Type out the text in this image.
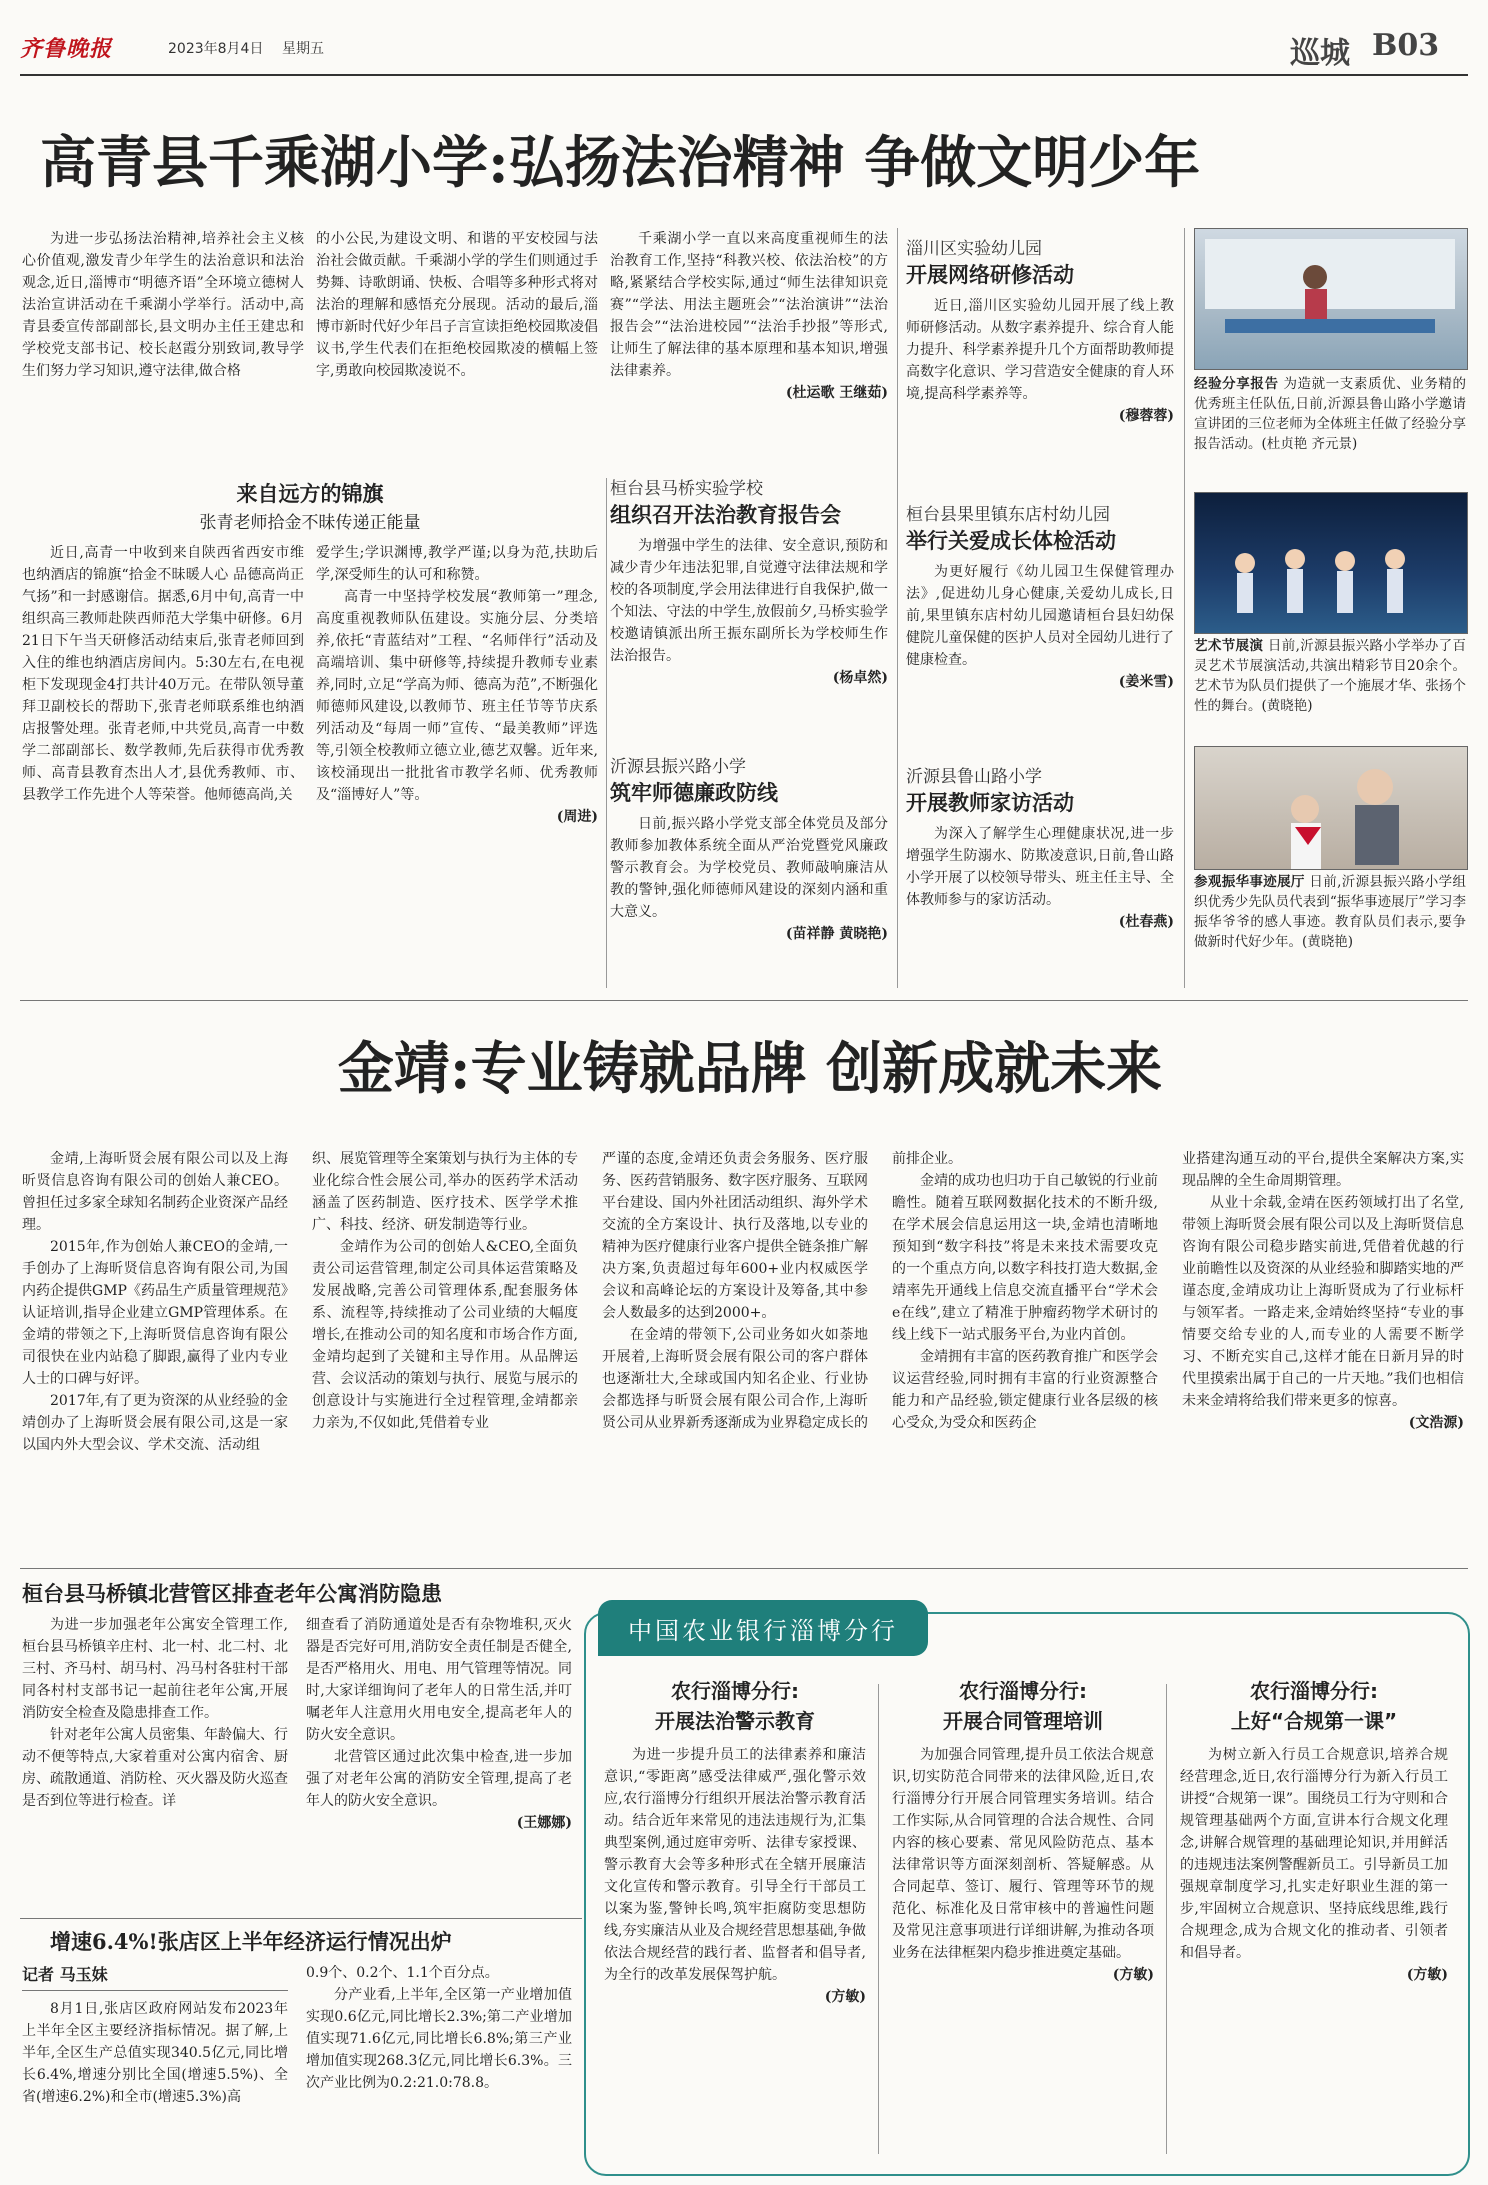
齐鲁晚报	2023年8月4日 星期五	巡城 B03
高青县千乘湖小学:弘扬法治精神 争做文明少年

为进一步弘扬法治精神,培养社会主义核心价值观,激发青少年学生的法治意识和法治观念,近日,淄博市“明德齐语”全环境立德树人法治宣讲活动在千乘湖小学举行。活动中,高青县委宣传部副部长,县文明办主任王建忠和学校党支部书记、校长赵霞分别致词,教导学生们努力学习知识,遵守法律,做合格

的小公民,为建设文明、和谐的平安校园与法治社会做贡献。千乘湖小学的学生们则通过手势舞、诗歌朗诵、快板、合唱等多种形式将对法治的理解和感悟充分展现。活动的最后,淄博市新时代好少年吕子言宣读拒绝校园欺凌倡议书,学生代表们在拒绝校园欺凌的横幅上签字,勇敢向校园欺凌说不。

千乘湖小学一直以来高度重视师生的法治教育工作,坚持“科教兴校、依法治校”的方略,紧紧结合学校实际,通过“师生法律知识竞赛”“学法、用法主题班会”“法治演讲”“法治报告会”“法治进校园”“法治手抄报”等形式,让师生了解法律的基本原理和基本知识,增强法律素养。

(杜运歌 王继茹)
来自远方的锦旗
张青老师拾金不昧传递正能量

近日,高青一中收到来自陕西省西安市维也纳酒店的锦旗“拾金不昧暖人心 品德高尚正气扬”和一封感谢信。据悉,6月中旬,高青一中组织高三教师赴陕西师范大学集中研修。6月21日下午当天研修活动结束后,张青老师回到入住的维也纳酒店房间内。5:30左右,在电视柜下发现现金4打共计40万元。在带队领导董拜卫副校长的帮助下,张青老师联系维也纳酒店报警处理。张青老师,中共党员,高青一中数学二部副部长、数学教师,先后获得市优秀教师、高青县教育杰出人才,县优秀教师、市、县教学工作先进个人等荣誉。他师德高尚,关

爱学生;学识渊博,教学严谨;以身为范,扶助后学,深受师生的认可和称赞。

高青一中坚持学校发展“教师第一”理念,高度重视教师队伍建设。实施分层、分类培养,依托“青蓝结对”工程、“名师伴行”活动及高端培训、集中研修等,持续提升教师专业素养,同时,立足“学高为师、德高为范”,不断强化师德师风建设,以教师节、班主任节等节庆系列活动及“每周一师”宣传、“最美教师”评选等,引领全校教师立德立业,德艺双馨。近年来,该校涌现出一批批省市教学名师、优秀教师及“淄博好人”等。

(周进)
桓台县马桥实验学校
组织召开法治教育报告会

为增强中学生的法律、安全意识,预防和减少青少年违法犯罪,自觉遵守法律法规和学校的各项制度,学会用法律进行自我保护,做一个知法、守法的中学生,放假前夕,马桥实验学校邀请镇派出所王振东副所长为学校师生作法治报告。

(杨卓然)
沂源县振兴路小学
筑牢师德廉政防线

日前,振兴路小学党支部全体党员及部分教师参加教体系统全面从严治党暨党风廉政警示教育会。为学校党员、教师敲响廉洁从教的警钟,强化师德师风建设的深刻内涵和重大意义。

(苗祥静 黄晓艳)
淄川区实验幼儿园
开展网络研修活动

近日,淄川区实验幼儿园开展了线上教师研修活动。从数字素养提升、综合育人能力提升、科学素养提升几个方面帮助教师提高数字化意识、学习营造安全健康的育人环境,提高科学素养等。

(穆蓉蓉)
桓台县果里镇东店村幼儿园
举行关爱成长体检活动

为更好履行《幼儿园卫生保健管理办法》,促进幼儿身心健康,关爱幼儿成长,日前,果里镇东店村幼儿园邀请桓台县妇幼保健院儿童保健的医护人员对全园幼儿进行了健康检查。

(姜米雪)
沂源县鲁山路小学
开展教师家访活动

为深入了解学生心理健康状况,进一步增强学生防溺水、防欺凌意识,日前,鲁山路小学开展了以校领导带头、班主任主导、全体教师参与的家访活动。

(杜春燕)

经验分享报告 为造就一支素质优、业务精的优秀班主任队伍,日前,沂源县鲁山路小学邀请宣讲团的三位老师为全体班主任做了经验分享报告活动。(杜贞艳 齐元景)

艺术节展演 日前,沂源县振兴路小学举办了百灵艺术节展演活动,共演出精彩节目20余个。艺术节为队员们提供了一个施展才华、张扬个性的舞台。(黄晓艳)

参观振华事迹展厅 日前,沂源县振兴路小学组织优秀少先队员代表到“振华事迹展厅”学习李振华爷爷的感人事迹。教育队员们表示,要争做新时代好少年。(黄晓艳)

金靖:专业铸就品牌 创新成就未来

金靖,上海昕贤会展有限公司以及上海昕贤信息咨询有限公司的创始人兼CEO。曾担任过多家全球知名制药企业资深产品经理。

2015年,作为创始人兼CEO的金靖,一手创办了上海昕贤信息咨询有限公司,为国内药企提供GMP《药品生产质量管理规范》认证培训,指导企业建立GMP管理体系。在金靖的带领之下,上海昕贤信息咨询有限公司很快在业内站稳了脚跟,赢得了业内专业人士的口碑与好评。

2017年,有了更为资深的从业经验的金靖创办了上海昕贤会展有限公司,这是一家以国内外大型会议、学术交流、活动组

织、展览管理等全案策划与执行为主体的专业化综合性会展公司,举办的医药学术活动涵盖了医药制造、医疗技术、医学学术推广、科技、经济、研发制造等行业。

金靖作为公司的创始人&CEO,全面负责公司运营管理,制定公司具体运营策略及发展战略,完善公司管理体系,配套服务体系、流程等,持续推动了公司业绩的大幅度增长,在推动公司的知名度和市场合作方面,金靖均起到了关键和主导作用。从品牌运营、会议活动的策划与执行、展览与展示的创意设计与实施进行全过程管理,金靖都亲力亲为,不仅如此,凭借着专业

严谨的态度,金靖还负责会务服务、医疗服务、医药营销服务、数字医疗服务、互联网平台建设、国内外社团活动组织、海外学术交流的全方案设计、执行及落地,以专业的精神为医疗健康行业客户提供全链条推广解决方案,负责超过每年600+业内权威医学会议和高峰论坛的方案设计及筹备,其中参会人数最多的达到2000+。

在金靖的带领下,公司业务如火如荼地开展着,上海昕贤会展有限公司的客户群体也逐渐壮大,全球或国内知名企业、行业协会都选择与昕贤会展有限公司合作,上海昕贤公司从业界新秀逐渐成为业界稳定成长的

前排企业。

金靖的成功也归功于自己敏锐的行业前瞻性。随着互联网数据化技术的不断升级,在学术展会信息运用这一块,金靖也清晰地预知到“数字科技”将是未来技术需要攻克的一个重点方向,以数字科技打造大数据,金靖率先开通线上信息交流直播平台“学术会e在线”,建立了精准于肿瘤药物学术研讨的线上线下一站式服务平台,为业内首创。

金靖拥有丰富的医药教育推广和医学会议运营经验,同时拥有丰富的行业资源整合能力和产品经验,锁定健康行业各层级的核心受众,为受众和医药企

业搭建沟通互动的平台,提供全案解决方案,实现品牌的全生命周期管理。

从业十余载,金靖在医药领域打出了名堂,带领上海昕贤会展有限公司以及上海昕贤信息咨询有限公司稳步踏实前进,凭借着优越的行业前瞻性以及资深的从业经验和脚踏实地的严谨态度,金靖成功让上海昕贤成为了行业标杆与领军者。一路走来,金靖始终坚持“专业的事情要交给专业的人,而专业的人需要不断学习、不断充实自己,这样才能在日新月异的时代里摸索出属于自己的一片天地。”我们也相信未来金靖将给我们带来更多的惊喜。

(文浩源)
桓台县马桥镇北营管区排查老年公寓消防隐患

为进一步加强老年公寓安全管理工作,桓台县马桥镇辛庄村、北一村、北二村、北三村、齐马村、胡马村、冯马村各驻村干部同各村村支部书记一起前往老年公寓,开展消防安全检查及隐患排查工作。

针对老年公寓人员密集、年龄偏大、行动不便等特点,大家着重对公寓内宿舍、厨房、疏散通道、消防栓、灭火器及防火巡查是否到位等进行检查。详

细查看了消防通道处是否有杂物堆积,灭火器是否完好可用,消防安全责任制是否健全,是否严格用火、用电、用气管理等情况。同时,大家详细询问了老年人的日常生活,并叮嘱老年人注意用火用电安全,提高老年人的防火安全意识。

北营管区通过此次集中检查,进一步加强了对老年公寓的消防安全管理,提高了老年人的防火安全意识。

(王娜娜)
增速6.4%!张店区上半年经济运行情况出炉
记者 马玉妹

8月1日,张店区政府网站发布2023年上半年全区主要经济指标情况。据了解,上半年,全区生产总值实现340.5亿元,同比增长6.4%,增速分别比全国(增速5.5%)、全省(增速6.2%)和全市(增速5.3%)高

0.9个、0.2个、1.1个百分点。

分产业看,上半年,全区第一产业增加值实现0.6亿元,同比增长2.3%;第二产业增加值实现71.6亿元,同比增长6.8%;第三产业增加值实现268.3亿元,同比增长6.3%。三次产业比例为0.2:21.0:78.8。

中国农业银行淄博分行
农行淄博分行:
开展法治警示教育

为进一步提升员工的法律素养和廉洁意识,“零距离”感受法律威严,强化警示效应,农行淄博分行组织开展法治警示教育活动。结合近年来常见的违法违规行为,汇集典型案例,通过庭审旁听、法律专家授课、警示教育大会等多种形式在全辖开展廉洁文化宣传和警示教育。引导全行干部员工以案为鉴,警钟长鸣,筑牢拒腐防变思想防线,夯实廉洁从业及合规经营思想基础,争做依法合规经营的践行者、监督者和倡导者,为全行的改革发展保驾护航。

(方敏)
农行淄博分行:
开展合同管理培训

为加强合同管理,提升员工依法合规意识,切实防范合同带来的法律风险,近日,农行淄博分行开展合同管理实务培训。结合工作实际,从合同管理的合法合规性、合同内容的核心要素、常见风险防范点、基本法律常识等方面深刻剖析、答疑解惑。从合同起草、签订、履行、管理等环节的规范化、标准化及日常审核中的普遍性问题及常见注意事项进行详细讲解,为推动各项业务在法律框架内稳步推进奠定基础。

(方敏)
农行淄博分行:
上好“合规第一课”

为树立新入行员工合规意识,培养合规经营理念,近日,农行淄博分行为新入行员工讲授“合规第一课”。围绕员工行为守则和合规管理基础两个方面,宣讲本行合规文化理念,讲解合规管理的基础理论知识,并用鲜活的违规违法案例警醒新员工。引导新员工加强规章制度学习,扎实走好职业生涯的第一步,牢固树立合规意识、坚持底线思维,践行合规理念,成为合规文化的推动者、引领者和倡导者。

(方敏)
